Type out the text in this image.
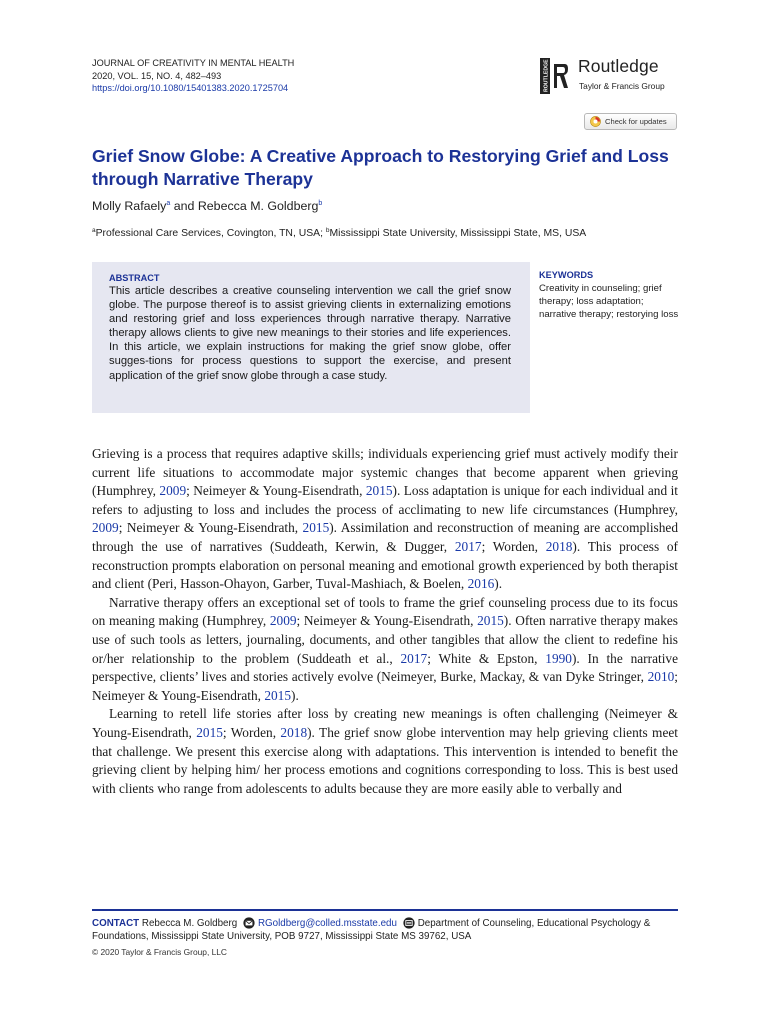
JOURNAL OF CREATIVITY IN MENTAL HEALTH
2020, VOL. 15, NO. 4, 482–493
https://doi.org/10.1080/15401383.2020.1725704	ROUTLEDGE Routledge
Taylor & Francis Group
Check for updates
Grief Snow Globe: A Creative Approach to Restorying Grief and Loss through Narrative Therapy
Molly Rafaely$^a$ and Rebecca M. Goldberg$^b$
$^a$Professional Care Services, Covington, TN, USA; $^b$Mississippi State University, Mississippi State, MS, USA
ABSTRACT

This article describes a creative counseling intervention we call the grief snow globe. The purpose thereof is to assist grieving clients in externalizing emotions and restoring grief and loss experiences through narrative therapy. Narrative therapy allows clients to give new meanings to their stories and life experiences. In this article, we explain instructions for making the grief snow globe, offer sugges-tions for process questions to support the exercise, and present application of the grief snow globe through a case study.

KEYWORDS

Creativity in counseling; grief therapy; loss adaptation; narrative therapy; restorying loss

Grieving is a process that requires adaptive skills; individuals experiencing grief must actively modify their current life situations to accommodate major systemic changes that become apparent when grieving (Humphrey, 2009; Neimeyer & Young-Eisendrath, 2015). Loss adaptation is unique for each individual and it refers to adjusting to loss and includes the process of acclimating to new life circumstances (Humphrey, 2009; Neimeyer & Young-Eisendrath, 2015). Assimilation and reconstruction of meaning are accomplished through the use of narratives (Suddeath, Kerwin, & Dugger, 2017; Worden, 2018). This process of reconstruction prompts elaboration on personal meaning and emotional growth experienced by both therapist and client (Peri, Hasson-Ohayon, Garber, Tuval-Mashiach, & Boelen, 2016).

Narrative therapy offers an exceptional set of tools to frame the grief counseling process due to its focus on meaning making (Humphrey, 2009; Neimeyer & Young-Eisendrath, 2015). Often narrative therapy makes use of such tools as letters, journaling, documents, and other tangibles that allow the client to redefine his or/her relationship to the problem (Suddeath et al., 2017; White & Epston, 1990). In the narrative perspective, clients’ lives and stories actively evolve (Neimeyer, Burke, Mackay, & van Dyke Stringer, 2010; Neimeyer & Young-Eisendrath, 2015).

Learning to retell life stories after loss by creating new meanings is often challenging (Neimeyer & Young-Eisendrath, 2015; Worden, 2018). The grief snow globe intervention may help grieving clients meet that challenge. We present this exercise along with adaptations. This intervention is intended to benefit the grieving client by helping him/ her process emotions and cognitions corresponding to loss. This is best used with clients who range from adolescents to adults because they are more easily able to verbally and

CONTACT Rebecca M. Goldberg RGoldberg@colled.msstate.edu Department of Counseling, Educational Psychology & Foundations, Mississippi State University, POB 9727, Mississippi State MS 39762, USA
© 2020 Taylor & Francis Group, LLC
